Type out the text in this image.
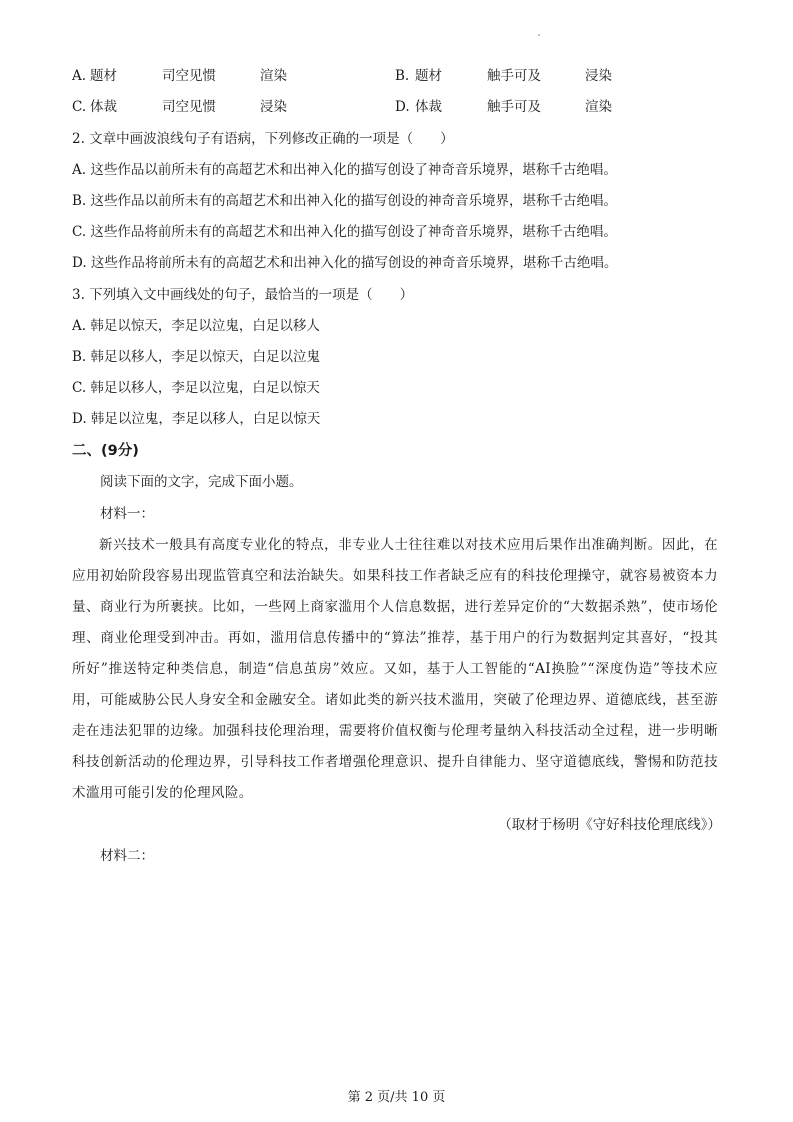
A. 题材	司空见惯	渲染	B. 题材	触手可及	浸染
C. 体裁	司空见惯	浸染	D. 体裁	触手可及	渲染
2. 文章中画波浪线句子有语病，下列修改正确的一项是（　　）
A. 这些作品以前所未有的高超艺术和出神入化的描写创设了神奇音乐境界，堪称千古绝唱。
B. 这些作品以前所未有的高超艺术和出神入化的描写创设的神奇音乐境界，堪称千古绝唱。
C. 这些作品将前所未有的高超艺术和出神入化的描写创设了神奇音乐境界，堪称千古绝唱。
D. 这些作品将前所未有的高超艺术和出神入化的描写创设的神奇音乐境界，堪称千古绝唱。
3. 下列填入文中画线处的句子，最恰当的一项是（　　）
A. 韩足以惊天，李足以泣鬼，白足以移人
B. 韩足以移人，李足以惊天，白足以泣鬼
C. 韩足以移人，李足以泣鬼，白足以惊天
D. 韩足以泣鬼，李足以移人，白足以惊天
二、(9分)
阅读下面的文字，完成下面小题。
材料一：
新兴技术一般具有高度专业化的特点，非专业人士往往难以对技术应用后果作出准确判断。因此，在应用初始阶段容易出现监管真空和法治缺失。如果科技工作者缺乏应有的科技伦理操守，就容易被资本力量、商业行为所裹挟。比如，一些网上商家滥用个人信息数据，进行差异定价的“大数据杀熟”，使市场伦理、商业伦理受到冲击。再如，滥用信息传播中的“算法”推荐，基于用户的行为数据判定其喜好，“投其所好”推送特定种类信息，制造“信息茧房”效应。又如，基于人工智能的“AI换脸”“深度伪造”等技术应用，可能威胁公民人身安全和金融安全。诸如此类的新兴技术滥用，突破了伦理边界、道德底线，甚至游走在违法犯罪的边缘。加强科技伦理治理，需要将价值权衡与伦理考量纳入科技活动全过程，进一步明晰科技创新活动的伦理边界，引导科技工作者增强伦理意识、提升自律能力、坚守道德底线，警惕和防范技术滥用可能引发的伦理风险。
（取材于杨明《守好科技伦理底线》）
材料二：
第 2 页/共 10 页
